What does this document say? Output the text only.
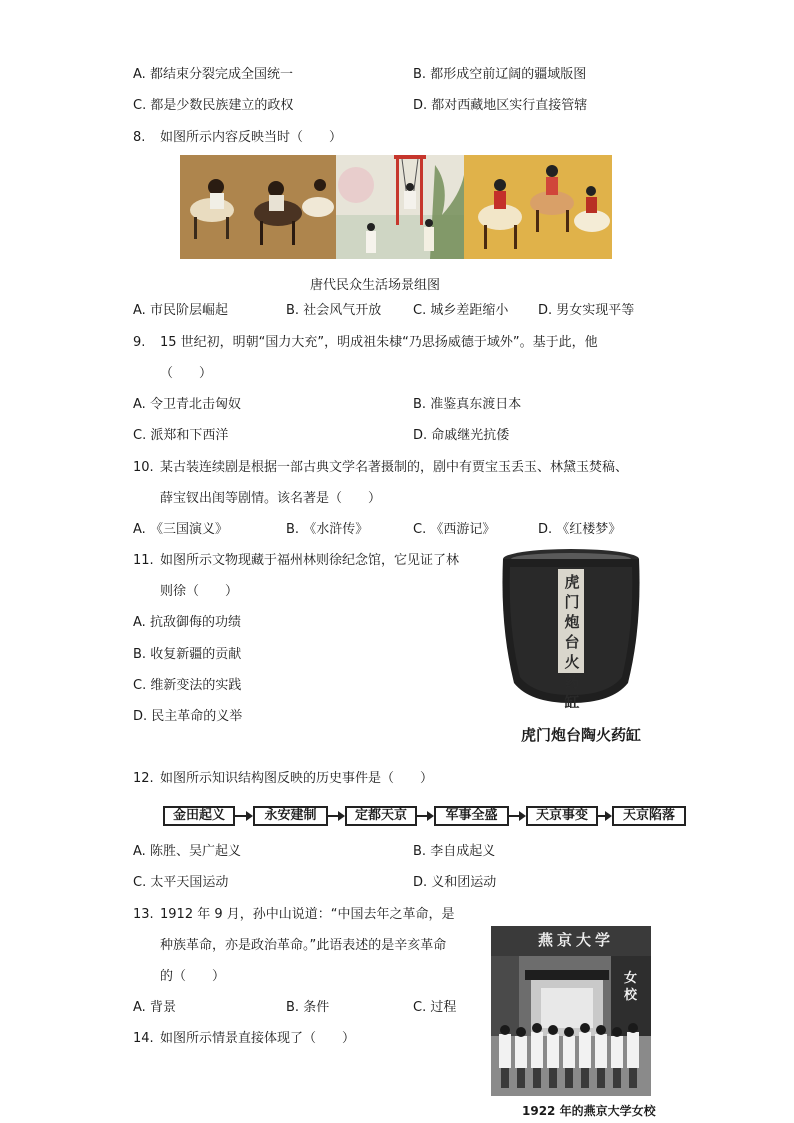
A. 都结束分裂完成全国统一	B. 都形成空前辽阔的疆域版图
C. 都是少数民族建立的政权	D. 都对西藏地区实行直接管辖
8. 如图所示内容反映当时（　　）
唐代民众生活场景组图
A. 市民阶层崛起	B. 社会风气开放 C. 城乡差距缩小 D. 男女实现平等
9. 15 世纪初，明朝“国力大充”，明成祖朱棣“乃思扬威德于域外”。基于此，他
（　　）
A. 令卫青北击匈奴	B. 准鉴真东渡日本
C. 派郑和下西洋	D. 命戚继光抗倭
10. 某古装连续剧是根据一部古典文学名著摄制的，剧中有贾宝玉丢玉、林黛玉焚稿、
薛宝钗出闺等剧情。该名著是（　　）
A. 《三国演义》	B. 《水浒传》	C. 《西游记》	D. 《红楼梦》
11. 如图所示文物现藏于福州林则徐纪念馆，它见证了林
则徐（　　）
A. 抗敌御侮的功绩
B. 收复新疆的贡献
C. 维新变法的实践
D. 民主革命的义举
虎门炮台火药缸
虎门炮台陶火药缸
12. 如图所示知识结构图反映的历史事件是（　　）
金田起义	永安建制	定都天京	军事全盛	天京事变	天京陷落
A. 陈胜、吴广起义	B. 李自成起义
C. 太平天国运动	D. 义和团运动
13. 1912 年 9 月，孙中山说道：“中国去年之革命，是
种族革命，亦是政治革命。”此语表述的是辛亥革命
的（　　）
A. 背景	B. 条件	C. 过程
14. 如图所示情景直接体现了（　　）
燕京大学
女校
1922 年的燕京大学女校
